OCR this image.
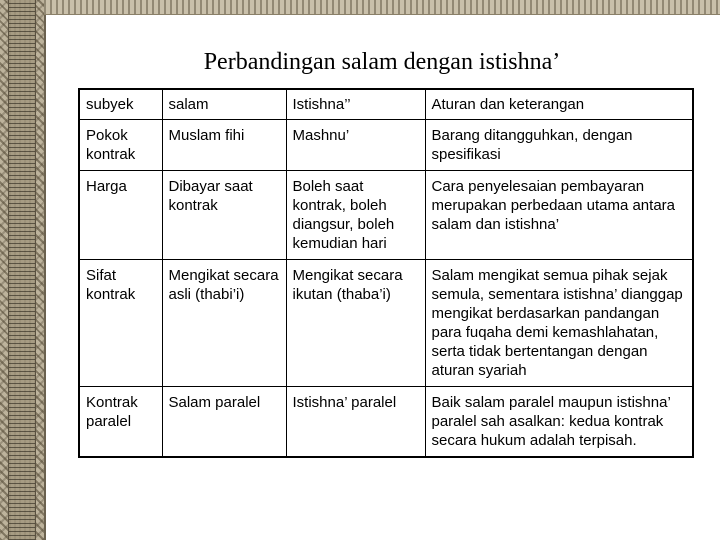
Perbandingan salam dengan istishna’
subyek	salam	Istishna’’	Aturan dan keterangan
Pokok kontrak	Muslam fihi	Mashnu’	Barang ditangguhkan, dengan spesifikasi
Harga	Dibayar saat kontrak	Boleh saat kontrak, boleh diangsur, boleh kemudian hari	Cara penyelesaian pembayaran merupakan perbedaan utama antara salam dan istishna’
Sifat kontrak	Mengikat secara asli (thabi’i)	Mengikat secara ikutan (thaba’i)	Salam mengikat semua pihak sejak semula, sementara istishna’ dianggap mengikat berdasarkan pandangan para fuqaha demi kemashlahatan, serta tidak bertentangan dengan aturan syariah
Kontrak paralel	Salam paralel	Istishna’ paralel	Baik salam paralel maupun istishna’ paralel sah asalkan: kedua kontrak secara hukum adalah terpisah.
